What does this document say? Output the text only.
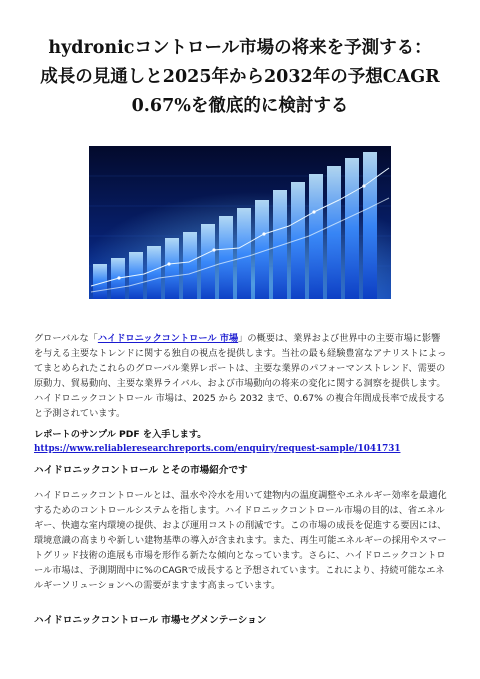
hydronicコントロール市場の将来を予測する：
成長の見通しと2025年から2032年の予想CAGR
0.67%を徹底的に検討する

グローバルな「ハイドロニックコントロール 市場」の概要は、業界および世界中の主要市場に影響を与える主要なトレンドに関する独自の視点を提供します。当社の最も経験豊富なアナリストによってまとめられたこれらのグローバル業界レポートは、主要な業界のパフォーマンストレンド、需要の原動力、貿易動向、主要な業界ライバル、および市場動向の将来の変化に関する洞察を提供します。ハイドロニックコントロール 市場は、2025 から 2032 まで、0.67% の複合年間成長率で成長すると予測されています。

レポートのサンプル PDF を入手します。
https://www.reliableresearchreports.com/enquiry/request-sample/1041731
ハイドロニックコントロール とその市場紹介です

ハイドロニックコントロールとは、温水や冷水を用いて建物内の温度調整やエネルギー効率を最適化するためのコントロールシステムを指します。ハイドロニックコントロール市場の目的は、省エネルギー、快適な室内環境の提供、および運用コストの削減です。この市場の成長を促進する要因には、環境意識の高まりや新しい建物基準の導入が含まれます。また、再生可能エネルギーの採用やスマートグリッド技術の進展も市場を形作る新たな傾向となっています。さらに、ハイドロニックコントロール市場は、予測期間中に%のCAGRで成長すると予想されています。これにより、持続可能なエネルギーソリューションへの需要がますます高まっています。

ハイドロニックコントロール 市場セグメンテーション
